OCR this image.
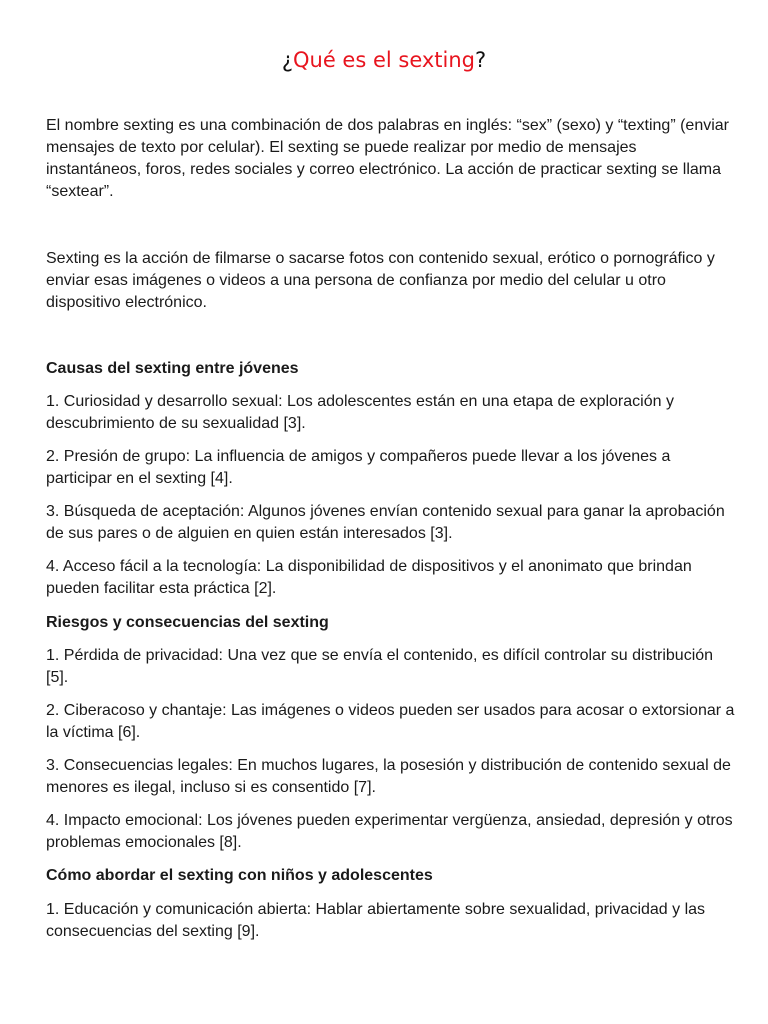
¿Qué es el sexting?

El nombre sexting es una combinación de dos palabras en inglés: “sex” (sexo) y “texting” (enviar mensajes de texto por celular). El sexting se puede realizar por medio de mensajes instantáneos, foros, redes sociales y correo electrónico. La acción de practicar sexting se llama “sextear”.

Sexting es la acción de filmarse o sacarse fotos con contenido sexual, erótico o pornográfico y enviar esas imágenes o videos a una persona de confianza por medio del celular u otro dispositivo electrónico.

Causas del sexting entre jóvenes

1. Curiosidad y desarrollo sexual: Los adolescentes están en una etapa de exploración y descubrimiento de su sexualidad [3].

2. Presión de grupo: La influencia de amigos y compañeros puede llevar a los jóvenes a participar en el sexting [4].

3. Búsqueda de aceptación: Algunos jóvenes envían contenido sexual para ganar la aprobación de sus pares o de alguien en quien están interesados [3].

4. Acceso fácil a la tecnología: La disponibilidad de dispositivos y el anonimato que brindan pueden facilitar esta práctica [2].

Riesgos y consecuencias del sexting

1. Pérdida de privacidad: Una vez que se envía el contenido, es difícil controlar su distribución [5].

2. Ciberacoso y chantaje: Las imágenes o videos pueden ser usados para acosar o extorsionar a la víctima [6].

3. Consecuencias legales: En muchos lugares, la posesión y distribución de contenido sexual de menores es ilegal, incluso si es consentido [7].

4. Impacto emocional: Los jóvenes pueden experimentar vergüenza, ansiedad, depresión y otros problemas emocionales [8].

Cómo abordar el sexting con niños y adolescentes

1. Educación y comunicación abierta: Hablar abiertamente sobre sexualidad, privacidad y las consecuencias del sexting [9].
